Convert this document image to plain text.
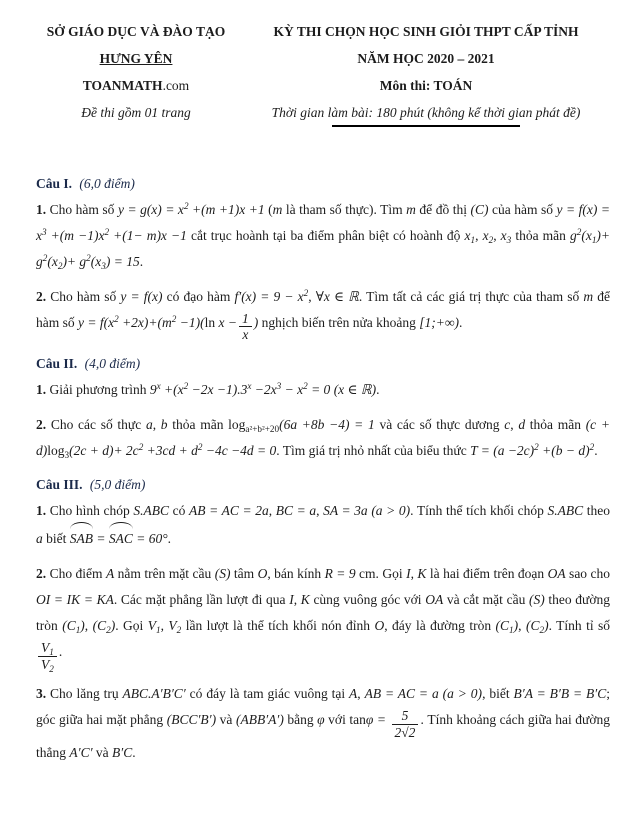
SỞ GIÁO DỤC VÀ ĐÀO TẠO
HƯNG YÊN
TOANMATH.com
Đề thi gồm 01 trang
KỲ THI CHỌN HỌC SINH GIỎI THPT CẤP TỈNH
NĂM HỌC 2020 – 2021
Môn thi: TOÁN
Thời gian làm bài: 180 phút (không kể thời gian phát đề)
Câu I. (6,0 điểm)

1. Cho hàm số $y = g(x) = x^2 +(m +1)x +1$ (m là tham số thực). Tìm m để đồ thị (C) của hàm số $y = f(x) = x^3 +(m -1)x^2 +(1- m)x -1$ cắt trục hoành tại ba điểm phân biệt có hoành độ $x_1$, $x_2$, $x_3$ thỏa mãn $g^2(x_1)+ g^2(x_2)+ g^2(x_3) = 15$.

2. Cho hàm số y = f(x) có đạo hàm $f'(x) = 9 - x^2$, ∀x ∈ ℝ. Tìm tất cả các giá trị thực của tham số m để hàm số $y = f(x^2 +2x)+(m^2 -1)(\ln$ $x - \frac{1}{x}$ ) nghịch biến trên nửa khoảng [1;+∞).

Câu II. (4,0 điểm)

1. Giải phương trình $9^x +(x^2 -2x -1).3^x -2x^3 - x^2 = 0$ (x ∈ ℝ).

2. Cho các số thực a, b thỏa mãn $\log_{a^2+b^2+20}(6a +8b -4) = 1$ và các số thực dương c, d thỏa mãn $(c + d)\log_3(2c + d)+ 2c^2 +3cd + d^2 -4c -4d = 0$. Tìm giá trị nhỏ nhất của biểu thức $T = (a -2c)^2 +(b - d)^2$.

Câu III. (5,0 điểm)

1. Cho hình chóp S.ABC có AB = AC = 2a, BC = a, SA = 3a (a > 0). Tính thể tích khối chóp S.ABC theo a biết SAB = SAC = 60°.

2. Cho điểm A nằm trên mặt cầu (S) tâm O, bán kính R = 9 cm. Gọi I, K là hai điểm trên đoạn OA sao cho OI = IK = KA. Các mặt phẳng lần lượt đi qua I, K cùng vuông góc với OA và cắt mặt cầu (S) theo đường tròn $(C_1)$, $(C_2)$. Gọi $V_1$, $V_2$ lần lượt là thể tích khối nón đỉnh O, đáy là đường tròn $(C_1)$, $(C_2)$. Tính tỉ số
$\frac{V_1}{V_2}$ .

3. Cho lăng trụ ABC.A′B′C′ có đáy là tam giác vuông tại A, AB = AC = a (a > 0), biết B′A = B′B = B′C; góc giữa hai mặt phẳng (BCC′B′) và (ABB′A′) bằng φ với $\tan\varphi = \frac{5}{2√2}$ . Tính khoảng cách giữa hai đường thẳng A′C′ và B′C.
